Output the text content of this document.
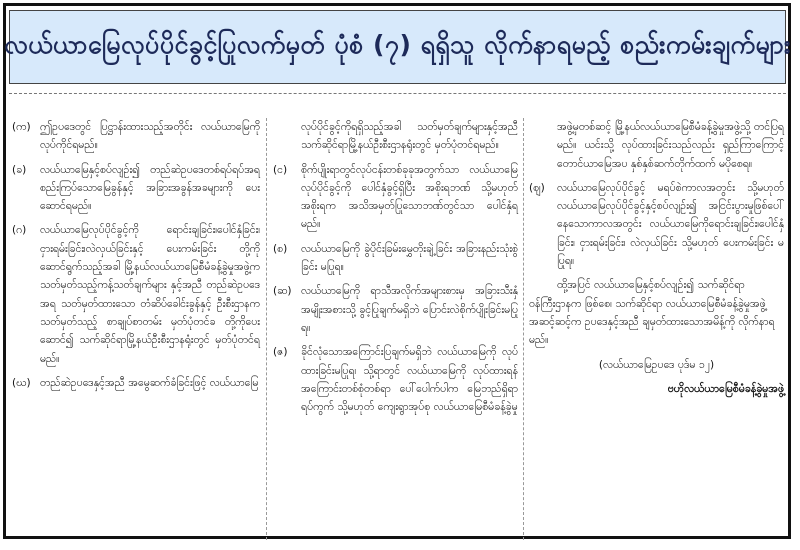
လယ်ယာမြေလုပ်ပိုင်ခွင့်ပြုလက်မှတ် ပုံစံ (၇) ရရှိသူ လိုက်နာရမည့် စည်းကမ်းချက်များ
(က) ဤဥပဒေတွင် ပြဋ္ဌာန်းထားသည့်အတိုင်း လယ်ယာမြေကို လုပ်ကိုင်ရမည်။
(ခ)	လယ်ယာမြေနှင့်စပ်လျဉ်း၍ တည်ဆဲဥပဒေတစ်ရပ်ရပ်အရ စည်းကြပ်သောမြေခွန်နှင့် အခြားအခွန်အခများကို ပေးဆောင်ရမည်။
(ဂ)	လယ်ယာမြေလုပ်ပိုင်ခွင့်ကို ရောင်းချခြင်း၊ပေါင်နှံခြင်း၊ငှားရမ်းခြင်း၊လဲလှယ်ခြင်းနှင့် ပေးကမ်းခြင်း တို့ကိုဆောင်ရွက်သည့်အခါ မြို့နယ်လယ်ယာမြေစီမံခန့်ခွဲမှုအဖွဲ့က သတ်မှတ်သည့်ကန့်သတ်ချက်များ နှင့်အညီ တည်ဆဲဥပဒေအရ သတ်မှတ်ထားသော တံဆိပ်ခေါင်းခွန်နှင့် ဦးစီးဌာနကသတ်မှတ်သည့် စာချုပ်စာတမ်း မှတ်ပုံတင်ခ တို့ကိုပေးဆောင်၍ သက်ဆိုင်ရာမြို့နယ်ဦးစီးဌာနရုံးတွင် မှတ်ပုံတင်ရမည်။
(ဃ) တည်ဆဲဥပဒေနှင့်အညီ အမွေဆက်ခံခြင်းဖြင့် လယ်ယာမြေ
လုပ်ပိုင်ခွင့်ကိုရရှိသည့်အခါ သတ်မှတ်ချက်များနှင့်အညီ သက်ဆိုင်ရာမြို့နယ်ဦးစီးဌာနရုံးတွင် မှတ်ပုံတင်ရမည်။
(င)	စိုက်ပျိုးရာတွင်လုပ်ငန်းတစ်ခုခုအတွက်သာ လယ်ယာမြေလုပ်ပိုင်ခွင့်ကို ပေါင်နှံခွင့်ရှိပြီး အစိုးရဘဏ် သို့မဟုတ် အစိုးရက အသိအမှတ်ပြုသောဘဏ်တွင်သာ ပေါင်နှံရမည်။
(စ)	လယ်ယာမြေကို ခွဲပိုင်းခြမ်းမွှေတိုးချဲ့ခြင်း အခြားနည်းသုံးစွဲခြင်း မပြုရ။
(ဆ) လယ်ယာမြေကို ရာသီအလိုက်အများစားမှ အခြားသီးနှံအမျိုးအစားသို့ ခွင့်ပြုချက်မရှိဘဲ ပြောင်းလဲစိုက်ပျိုးခြင်းမပြုရ။
(ဇ)	ခိုင်လုံသောအကြောင်းပြချက်မရှိဘဲ လယ်ယာမြေကို လုပ်ထားခြင်းမပြုရ၊ သို့ရာတွင် လယ်ယာမြေကို လုပ်ထားရန် အကြောင်းတစ်စုံတစ်ရာ ပေါ်ပေါက်ပါက မြေဘည်ရှိရာ ရပ်ကွက် သို့မဟုတ် ကျေးရွာအုပ်စု လယ်ယာမြေစီမံခန့်ခွဲမှု
အဖွဲ့မှတစ်ဆင့် မြို့နယ်လယ်ယာမြေစီမံခန့်ခွဲမှုအဖွဲ့သို့ တင်ပြရမည်။ ယင်းသို့ လုပ်ထားခြင်းသည်လည်း ရှည်ကြာကြောင့် တောင်ယာမြေအပ နှစ်နှစ်ဆက်တိုက်ထက် မပိုစေရ။
(ဈ)	လယ်ယာမြေလုပ်ပိုင်ခွင့် မရပ်စဲကာလအတွင်း သို့မဟုတ် လယ်ယာမြေလုပ်ပိုင်ခွင့်နှင့်စပ်လျဉ်း၍ အငြင်းပွားမှုဖြစ်ပေါ် နေသောကာလအတွင်း လယ်ယာမြေကိုရောင်းချခြင်း၊ပေါင်နှံခြင်း၊ ငှားရမ်းခြင်း၊ လဲလှယ်ခြင်း သို့မဟုတ် ပေးကမ်းခြင်း မပြုရ။

ထို့အပြင် လယ်ယာမြေနှင့်စပ်လျဉ်း၍ သက်ဆိုင်ရာ ဝန်ကြီးဌာနက ဖြစ်စေ၊ သက်ဆိုင်ရာ လယ်ယာမြေစီမံခန့်ခွဲမှုအဖွဲ့ အဆင့်ဆင့်က ဥပဒေနှင့်အညီ ချမှတ်ထားသောအမိန့်ကို လိုက်နာရမည်။

(လယ်ယာမြေဥပဒေ ပုဒ်မ ၁၂)

ဗဟိုလယ်ယာမြေစီမံခန့်ခွဲမှုအဖွဲ့
